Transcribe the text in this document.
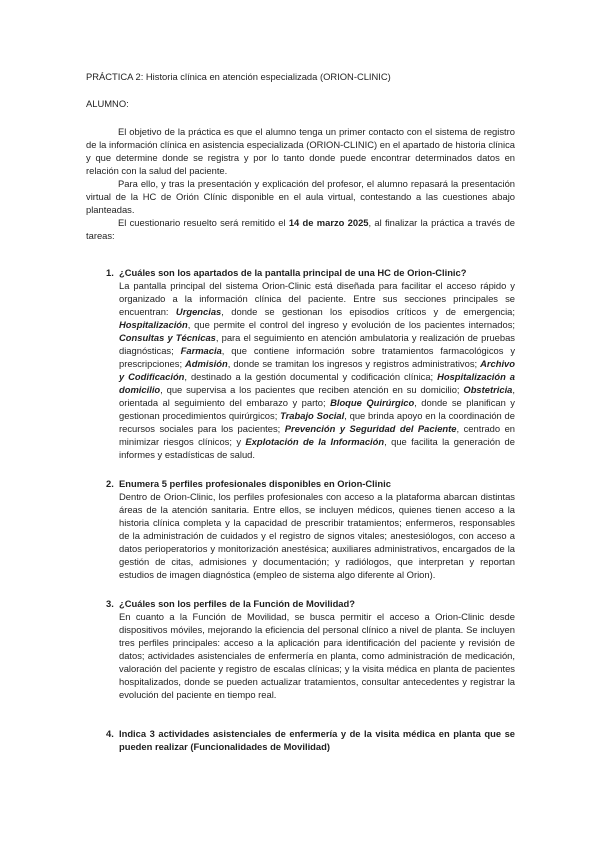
PRÁCTICA 2: Historia clínica en atención especializada (ORION-CLINIC)

ALUMNO:

El objetivo de la práctica es que el alumno tenga un primer contacto con el sistema de registro de la información clínica en asistencia especializada (ORION-CLINIC) en el apartado de historia clínica y que determine donde se registra y por lo tanto donde puede encontrar determinados datos en relación con la salud del paciente.

Para ello, y tras la presentación y explicación del profesor, el alumno repasará la presentación virtual de la HC de Orión Clínic disponible en el aula virtual, contestando a las cuestiones abajo planteadas.

El cuestionario resuelto será remitido el 14 de marzo 2025, al finalizar la práctica a través de tareas:

1. ¿Cuáles son los apartados de la pantalla principal de una HC de Orion-Clinic?

La pantalla principal del sistema Orion-Clinic está diseñada para facilitar el acceso rápido y organizado a la información clínica del paciente. Entre sus secciones principales se encuentran: Urgencias, donde se gestionan los episodios críticos y de emergencia; Hospitalización, que permite el control del ingreso y evolución de los pacientes internados; Consultas y Técnicas, para el seguimiento en atención ambulatoria y realización de pruebas diagnósticas; Farmacia, que contiene información sobre tratamientos farmacológicos y prescripciones; Admisión, donde se tramitan los ingresos y registros administrativos; Archivo y Codificación, destinado a la gestión documental y codificación clínica; Hospitalización a domicilio, que supervisa a los pacientes que reciben atención en su domicilio; Obstetricia, orientada al seguimiento del embarazo y parto; Bloque Quirúrgico, donde se planifican y gestionan procedimientos quirúrgicos; Trabajo Social, que brinda apoyo en la coordinación de recursos sociales para los pacientes; Prevención y Seguridad del Paciente, centrado en minimizar riesgos clínicos; y Explotación de la Información, que facilita la generación de informes y estadísticas de salud.

2. Enumera 5 perfiles profesionales disponibles en Orion-Clinic

Dentro de Orion-Clinic, los perfiles profesionales con acceso a la plataforma abarcan distintas áreas de la atención sanitaria. Entre ellos, se incluyen médicos, quienes tienen acceso a la historia clínica completa y la capacidad de prescribir tratamientos; enfermeros, responsables de la administración de cuidados y el registro de signos vitales; anestesiólogos, con acceso a datos perioperatorios y monitorización anestésica; auxiliares administrativos, encargados de la gestión de citas, admisiones y documentación; y radiólogos, que interpretan y reportan estudios de imagen diagnóstica (empleo de sistema algo diferente al Orion).

3. ¿Cuáles son los perfiles de la Función de Movilidad?

En cuanto a la Función de Movilidad, se busca permitir el acceso a Orion-Clinic desde dispositivos móviles, mejorando la eficiencia del personal clínico a nivel de planta. Se incluyen tres perfiles principales: acceso a la aplicación para identificación del paciente y revisión de datos; actividades asistenciales de enfermería en planta, como administración de medicación, valoración del paciente y registro de escalas clínicas; y la visita médica en planta de pacientes hospitalizados, donde se pueden actualizar tratamientos, consultar antecedentes y registrar la evolución del paciente en tiempo real.

4. Indica 3 actividades asistenciales de enfermería y de la visita médica en planta que se pueden realizar (Funcionalidades de Movilidad)
